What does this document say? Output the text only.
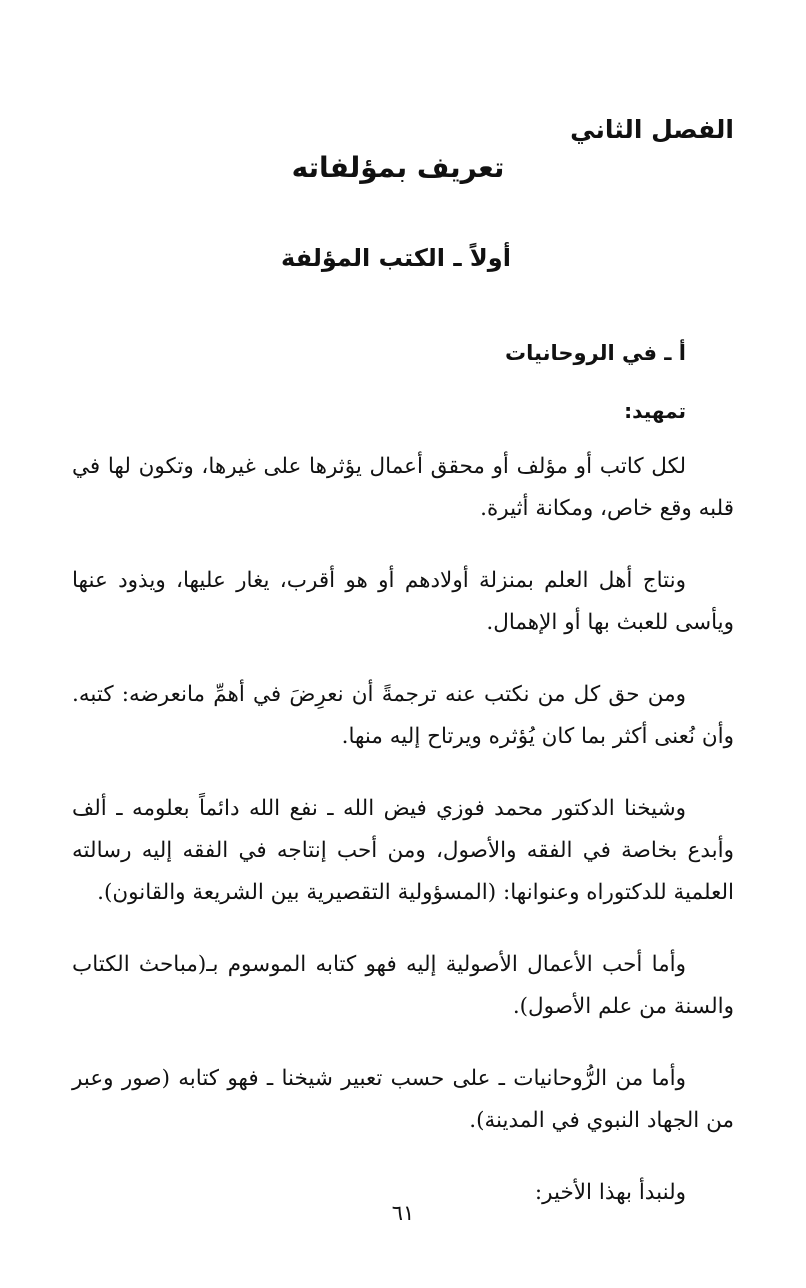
الفصل الثاني
تعريف بمؤلفاته
أولاً ـ الكتب المؤلفة
أ ـ في الروحانيات
تمهيد:

لكل كاتب أو مؤلف أو محقق أعمال يؤثرها على غيرها، وتكون لها في قلبه وقع خاص، ومكانة أثيرة.

ونتاج أهل العلم بمنزلة أولادهم أو هو أقرب، يغار عليها، ويذود عنها ويأسى للعبث بها أو الإهمال.

ومن حق كل من نكتب عنه ترجمةً أن نعرِضَ في أهمِّ مانعرضه: كتبه. وأن نُعنى أكثر بما كان يُؤثره ويرتاح إليه منها.

وشيخنا الدكتور محمد فوزي فيض الله ـ نفع الله دائماً بعلومه ـ ألف وأبدع بخاصة في الفقه والأصول، ومن أحب إنتاجه في الفقه إليه رسالته العلمية للدكتوراه وعنوانها: (المسؤولية التقصيرية بين الشريعة والقانون).

وأما أحب الأعمال الأصولية إليه فهو كتابه الموسوم بـ(مباحث الكتاب والسنة من علم الأصول).

وأما من الرُّوحانيات ـ على حسب تعبير شيخنا ـ فهو كتابه (صور وعبر من الجهاد النبوي في المدينة).

ولنبدأ بهذا الأخير:

٦١
